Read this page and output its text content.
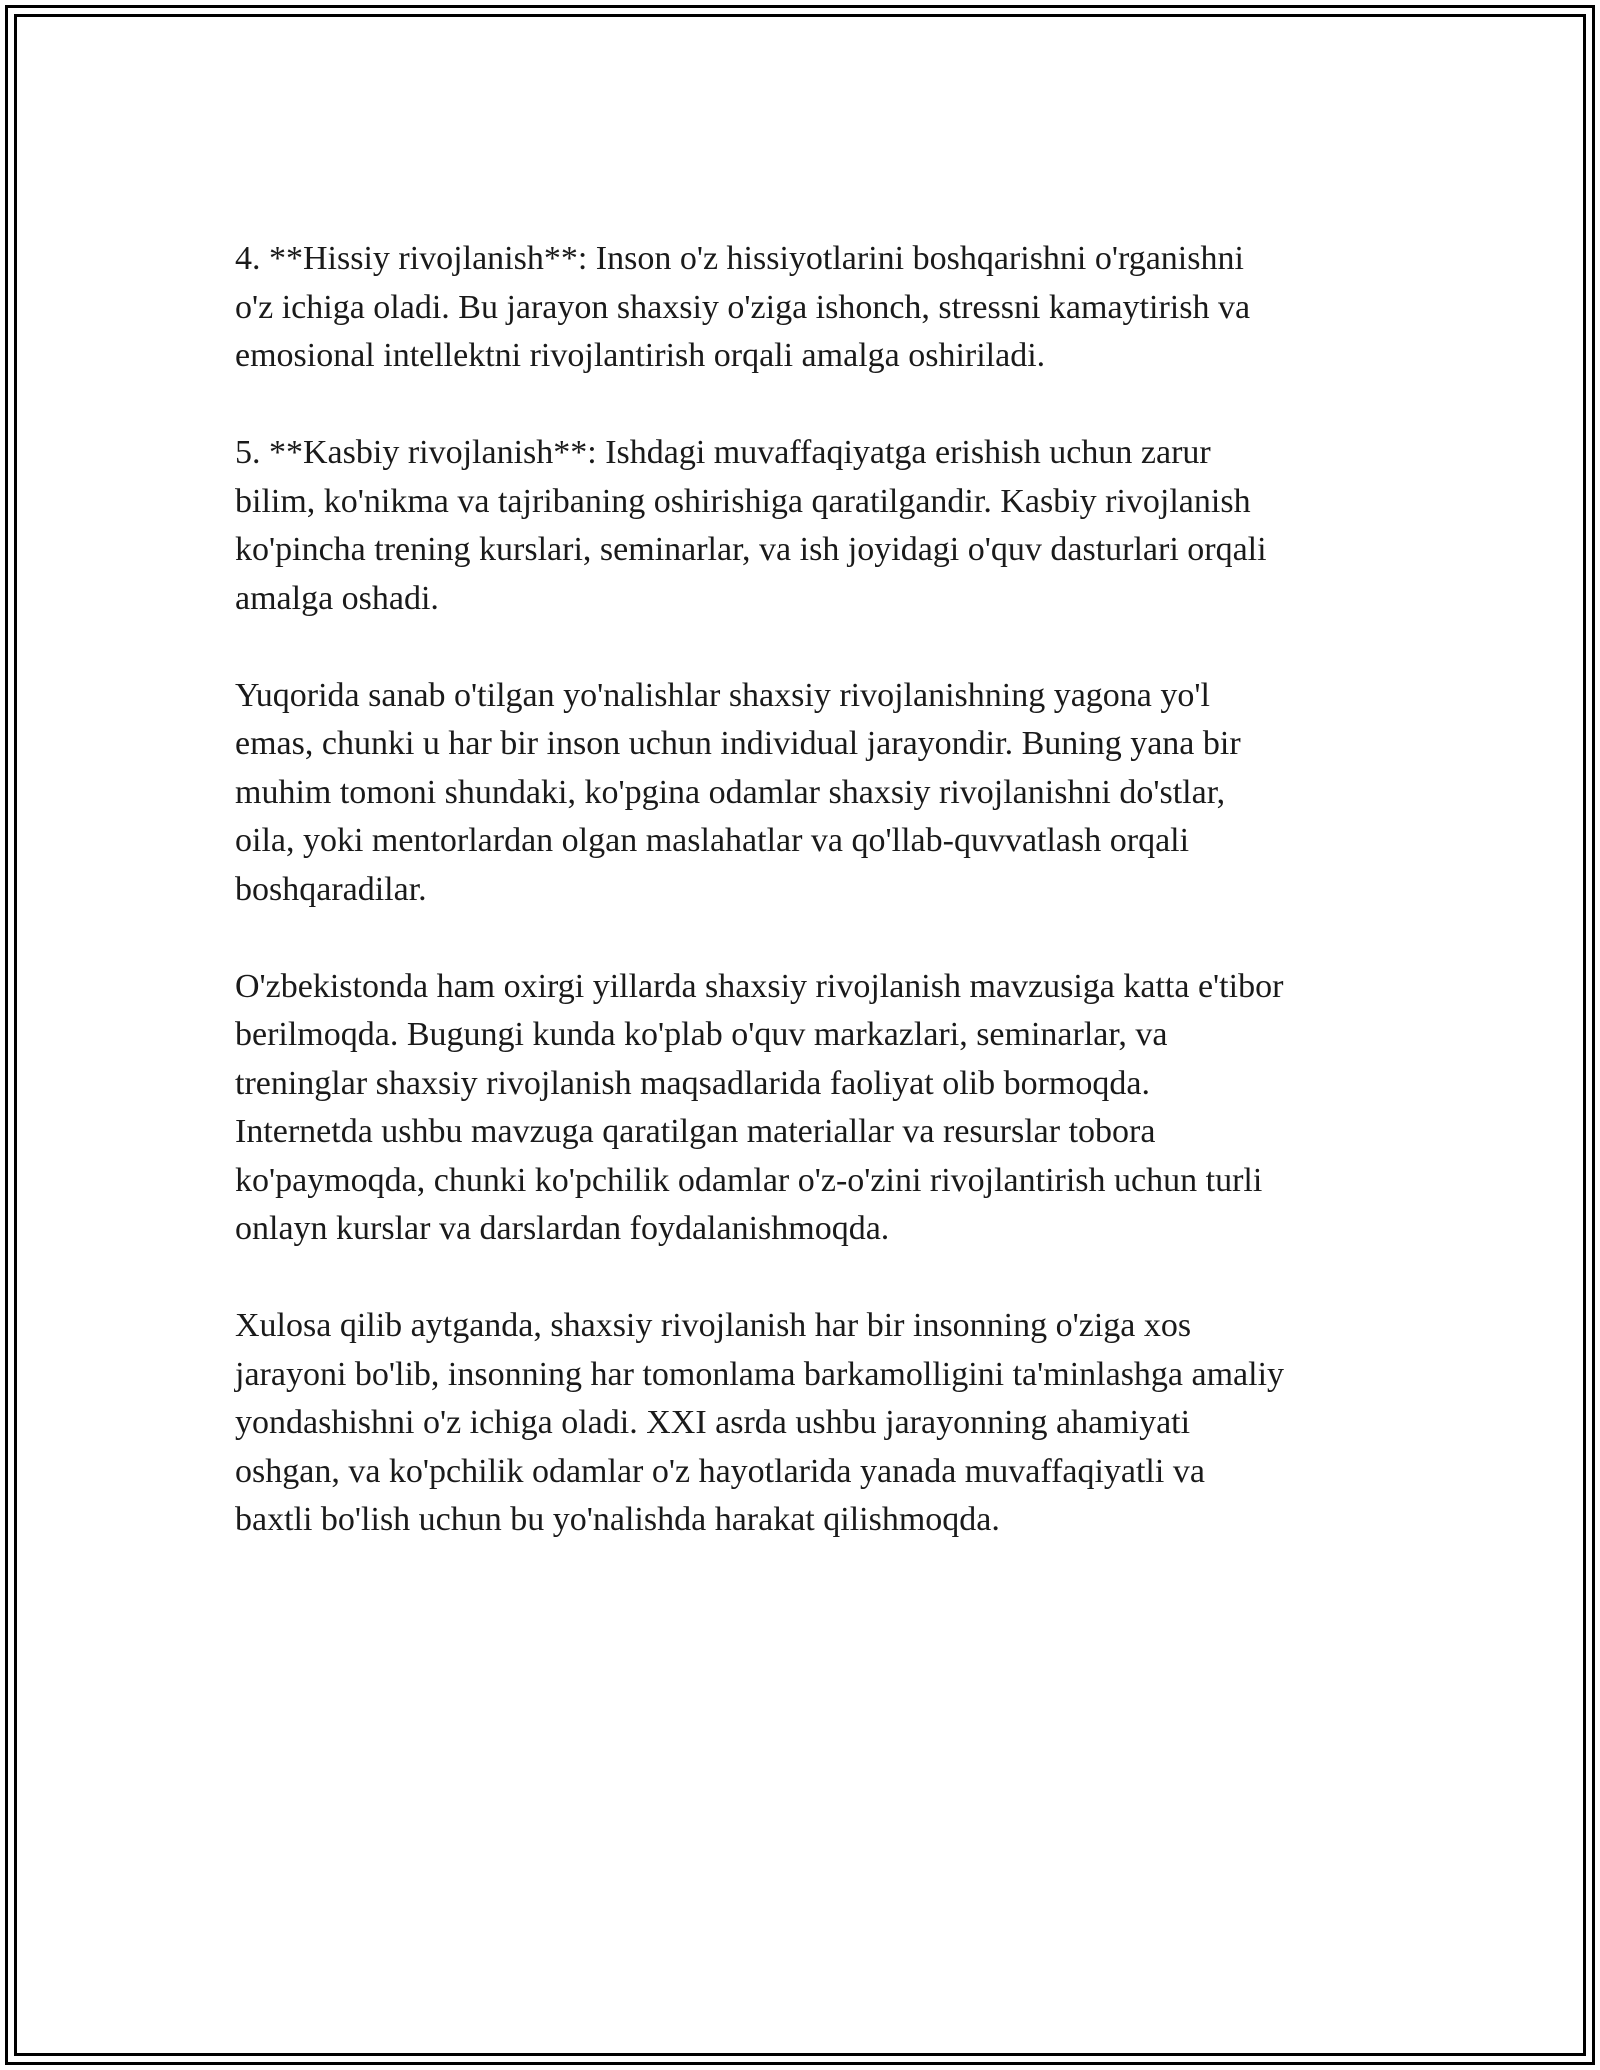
4. **Hissiy rivojlanish**: Inson o'z hissiyotlarini boshqarishni o'rganishni
o'z ichiga oladi. Bu jarayon shaxsiy o'ziga ishonch, stressni kamaytirish va
emosional intellektni rivojlantirish orqali amalga oshiriladi.

5. **Kasbiy rivojlanish**: Ishdagi muvaffaqiyatga erishish uchun zarur
bilim, ko'nikma va tajribaning oshirishiga qaratilgandir. Kasbiy rivojlanish
ko'pincha trening kurslari, seminarlar, va ish joyidagi o'quv dasturlari orqali
amalga oshadi.

Yuqorida sanab o'tilgan yo'nalishlar shaxsiy rivojlanishning yagona yo'l
emas, chunki u har bir inson uchun individual jarayondir. Buning yana bir
muhim tomoni shundaki, ko'pgina odamlar shaxsiy rivojlanishni do'stlar,
oila, yoki mentorlardan olgan maslahatlar va qo'llab-quvvatlash orqali
boshqaradilar.

O'zbekistonda ham oxirgi yillarda shaxsiy rivojlanish mavzusiga katta e'tibor
berilmoqda. Bugungi kunda ko'plab o'quv markazlari, seminarlar, va
treninglar shaxsiy rivojlanish maqsadlarida faoliyat olib bormoqda.
Internetda ushbu mavzuga qaratilgan materiallar va resurslar tobora
ko'paymoqda, chunki ko'pchilik odamlar o'z-o'zini rivojlantirish uchun turli
onlayn kurslar va darslardan foydalanishmoqda.

Xulosa qilib aytganda, shaxsiy rivojlanish har bir insonning o'ziga xos
jarayoni bo'lib, insonning har tomonlama barkamolligini ta'minlashga amaliy
yondashishni o'z ichiga oladi. XXI asrda ushbu jarayonning ahamiyati
oshgan, va ko'pchilik odamlar o'z hayotlarida yanada muvaffaqiyatli va
baxtli bo'lish uchun bu yo'nalishda harakat qilishmoqda.
